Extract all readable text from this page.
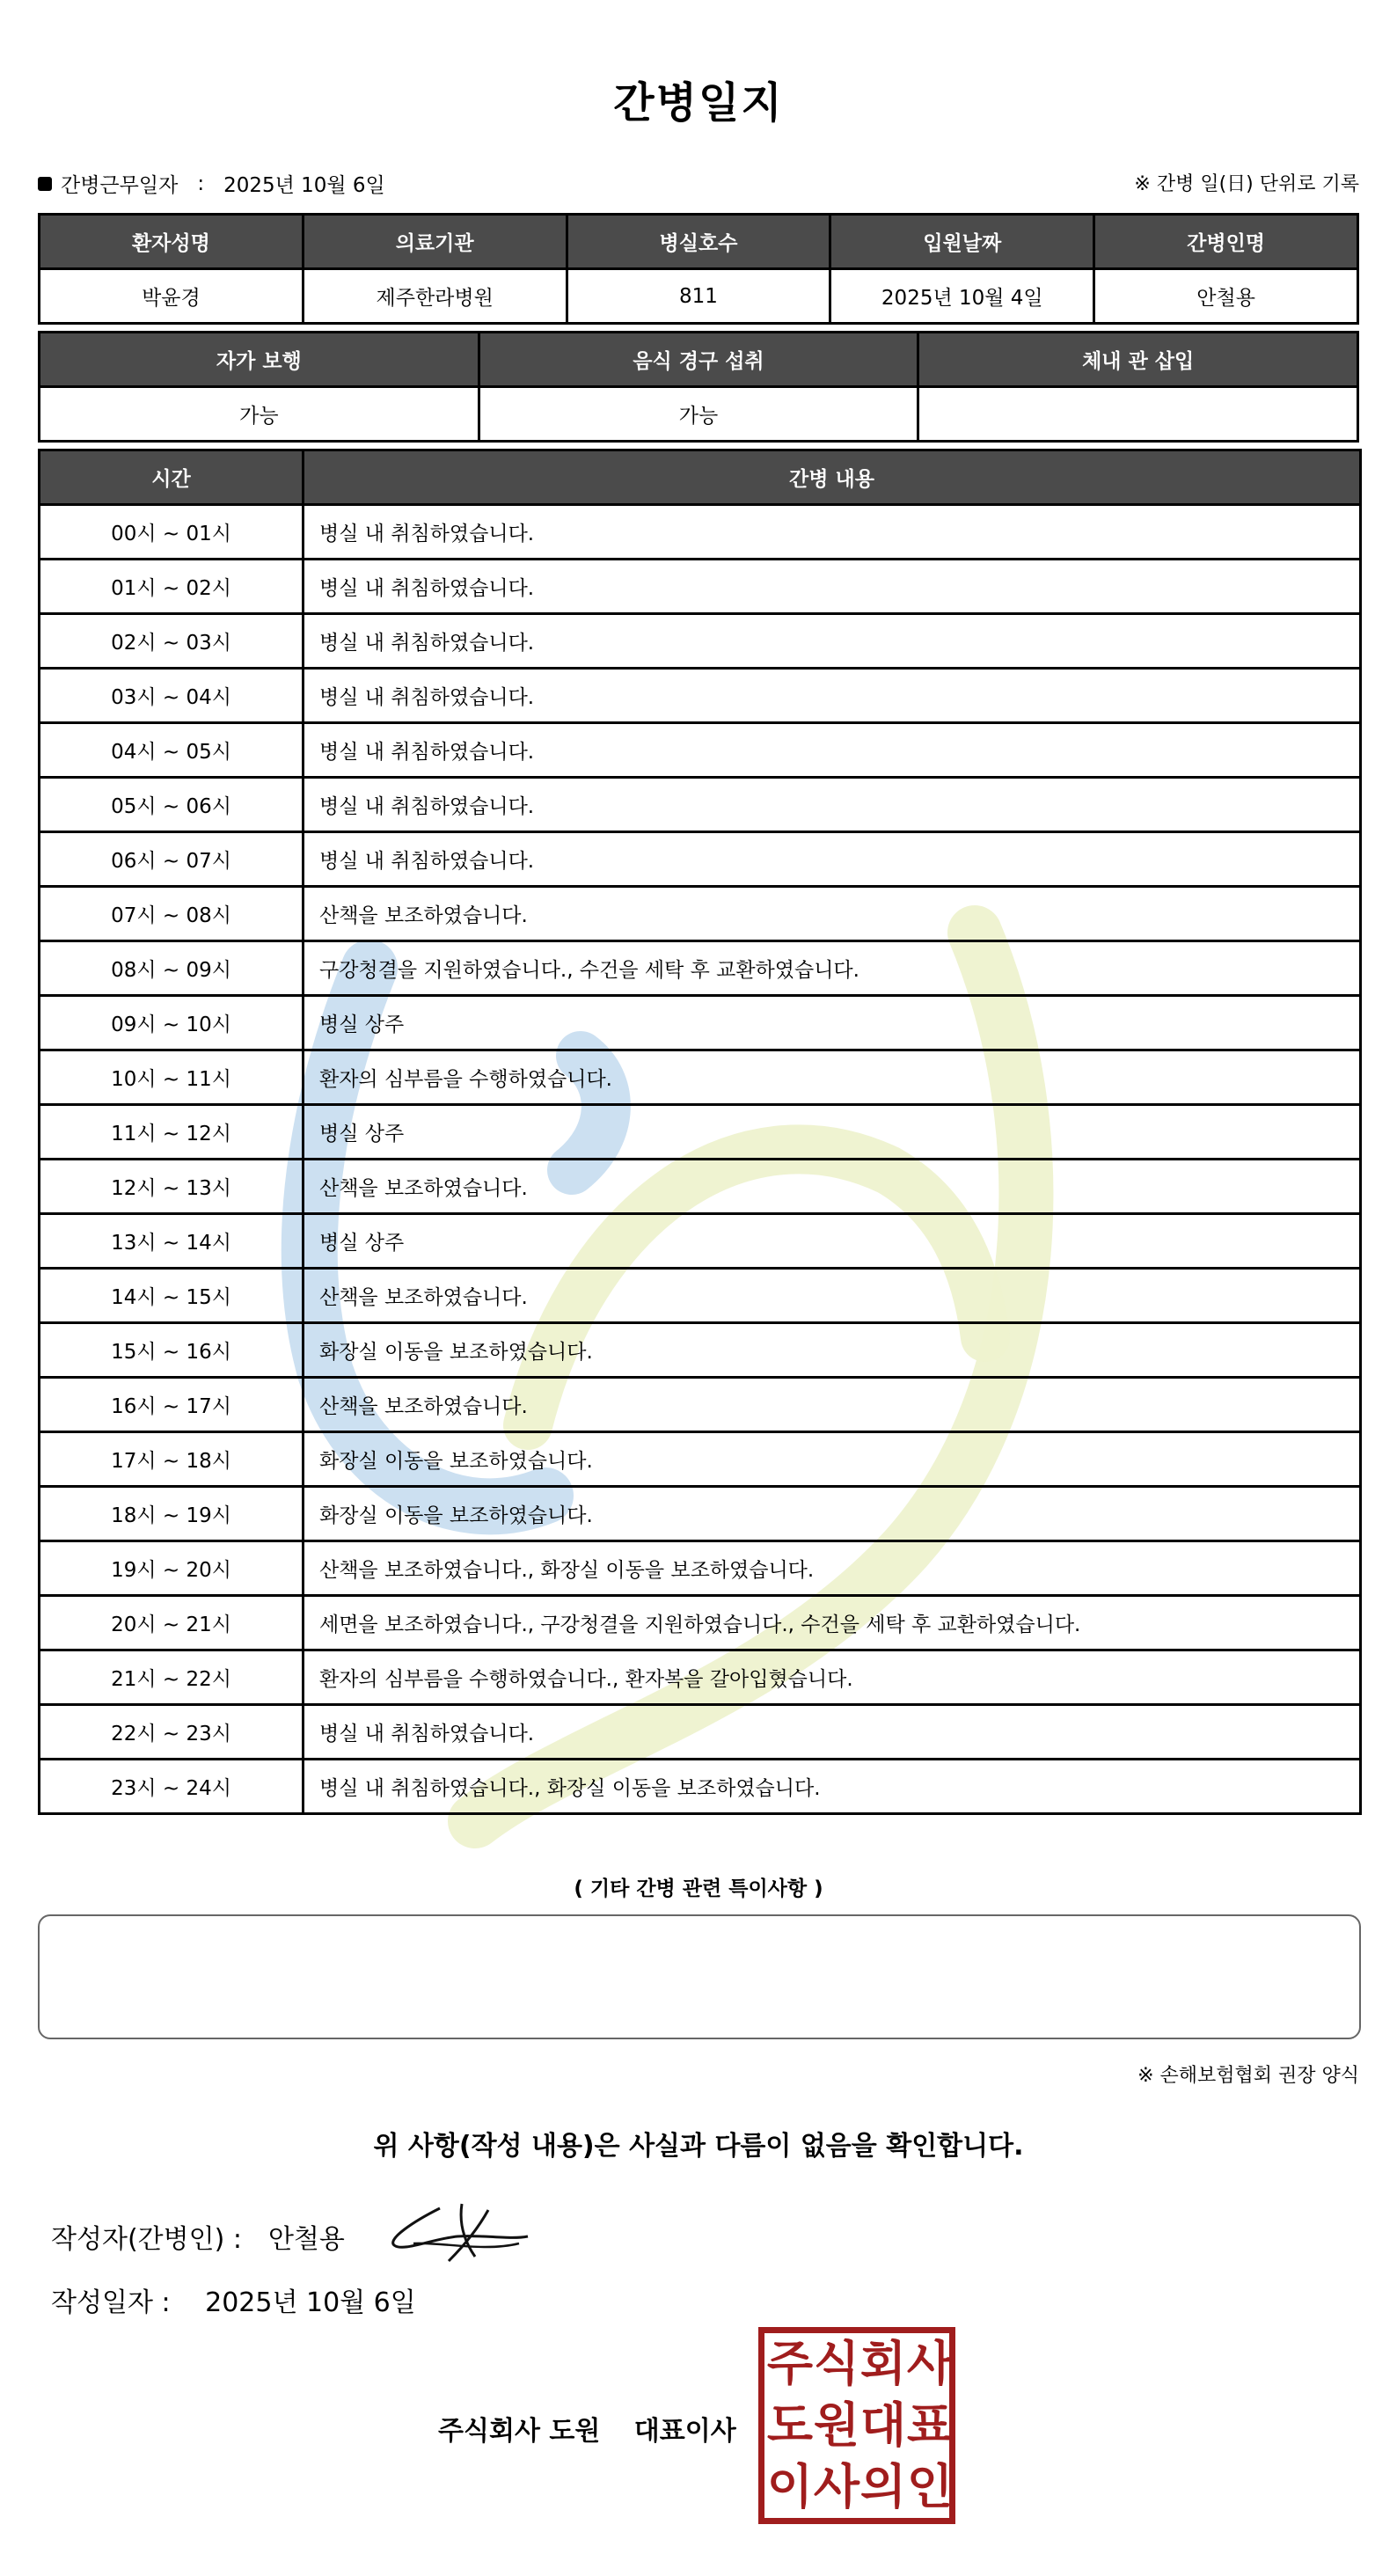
간병일지
간병근무일자 : 2025년 10월 6일	※ 간병 일(日) 단위로 기록
환자성명	의료기관	병실호수	입원날짜	간병인명
박윤경	제주한라병원	811	2025년 10월 4일	안철용
자가 보행	음식 경구 섭취	체내 관 삽입
가능	가능	
시간	간병 내용
00시 ~ 01시	병실 내 취침하였습니다.
01시 ~ 02시	병실 내 취침하였습니다.
02시 ~ 03시	병실 내 취침하였습니다.
03시 ~ 04시	병실 내 취침하였습니다.
04시 ~ 05시	병실 내 취침하였습니다.
05시 ~ 06시	병실 내 취침하였습니다.
06시 ~ 07시	병실 내 취침하였습니다.
07시 ~ 08시	산책을 보조하였습니다.
08시 ~ 09시	구강청결을 지원하였습니다., 수건을 세탁 후 교환하였습니다.
09시 ~ 10시	병실 상주
10시 ~ 11시	환자의 심부름을 수행하였습니다.
11시 ~ 12시	병실 상주
12시 ~ 13시	산책을 보조하였습니다.
13시 ~ 14시	병실 상주
14시 ~ 15시	산책을 보조하였습니다.
15시 ~ 16시	화장실 이동을 보조하였습니다.
16시 ~ 17시	산책을 보조하였습니다.
17시 ~ 18시	화장실 이동을 보조하였습니다.
18시 ~ 19시	화장실 이동을 보조하였습니다.
19시 ~ 20시	산책을 보조하였습니다., 화장실 이동을 보조하였습니다.
20시 ~ 21시	세면을 보조하였습니다., 구강청결을 지원하였습니다., 수건을 세탁 후 교환하였습니다.
21시 ~ 22시	환자의 심부름을 수행하였습니다., 환자복을 갈아입혔습니다.
22시 ~ 23시	병실 내 취침하였습니다.
23시 ~ 24시	병실 내 취침하였습니다., 화장실 이동을 보조하였습니다.
( 기타 간병 관련 특이사항 )
※ 손해보험협회 권장 양식
위 사항(작성 내용)은 사실과 다름이 없음을 확인합니다.
작성자(간병인) : 안철용
작성일자 : 2025년 10월 6일
주식회사 도원 대표이사
주 식 회 사
도 원 대 표
이 사 의 인
